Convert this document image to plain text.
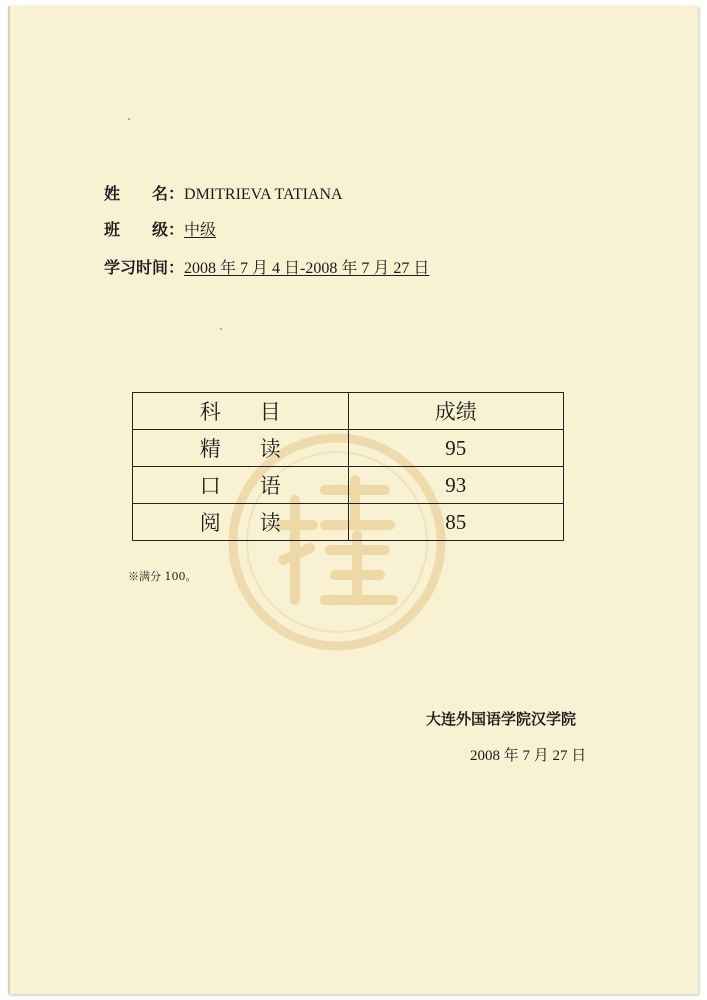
姓　　名：DMITRIEVA TATIANA
班　　级：中级
学习时间：2008 年 7 月 4 日-2008 年 7 月 27 日
科 目	成绩
精 读	95
口 语	93
阅 读	85
※满分 100。
大连外国语学院汉学院
2008 年 7 月 27 日
